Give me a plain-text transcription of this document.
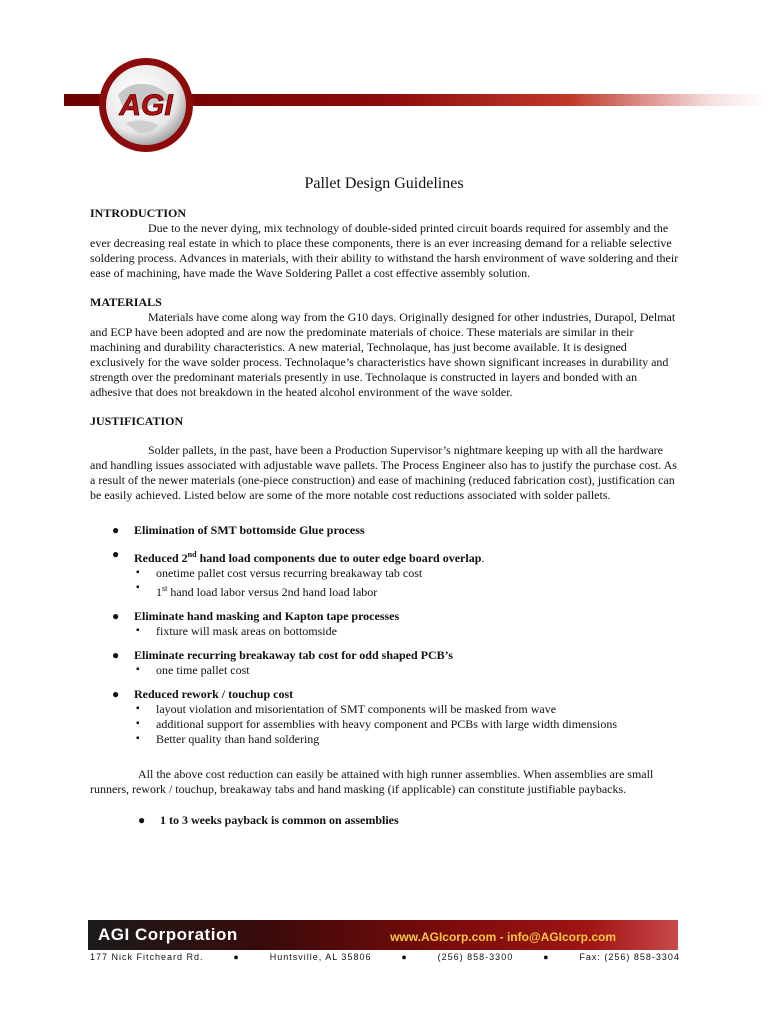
AGI
Pallet Design Guidelines
INTRODUCTION

Due to the never dying, mix technology of double-sided printed circuit boards required for assembly and the ever decreasing real estate in which to place these components, there is an ever increasing demand for a reliable selective soldering process. Advances in materials, with their ability to withstand the harsh environment of wave soldering and their ease of machining, have made the Wave Soldering Pallet a cost effective assembly solution.

MATERIALS

Materials have come along way from the G10 days. Originally designed for other industries, Durapol, Delmat and ECP have been adopted and are now the predominate materials of choice. These materials are similar in their machining and durability characteristics. A new material, Technolaque, has just become available. It is designed exclusively for the wave solder process. Technolaque’s characteristics have shown significant increases in durability and strength over the predominant materials presently in use. Technolaque is constructed in layers and bonded with an adhesive that does not breakdown in the heated alcohol environment of the wave solder.

JUSTIFICATION

Solder pallets, in the past, have been a Production Supervisor’s nightmare keeping up with all the hardware and handling issues associated with adjustable wave pallets. The Process Engineer also has to justify the purchase cost. As a result of the newer materials (one-piece construction) and ease of machining (reduced fabrication cost), justification can be easily achieved. Listed below are some of the more notable cost reductions associated with solder pallets.

● Elimination of SMT bottomside Glue process
● Reduced 2nd hand load components due to outer edge board overlap.
▪ onetime pallet cost versus recurring breakaway tab cost
▪ 1st hand load labor versus 2nd hand load labor
● Eliminate hand masking and Kapton tape processes
▪ fixture will mask areas on bottomside
● Eliminate recurring breakaway tab cost for odd shaped PCB’s
▪ one time pallet cost
● Reduced rework / touchup cost
▪ layout violation and misorientation of SMT components will be masked from wave
▪ additional support for assemblies with heavy component and PCBs with large width dimensions
▪ Better quality than hand soldering

All the above cost reduction can easily be attained with high runner assemblies. When assemblies are small runners, rework / touchup, breakaway tabs and hand masking (if applicable) can constitute justifiable paybacks.

● 1 to 3 weeks payback is common on assemblies
AGI Corporation	www.AGIcorp.com - info@AGIcorp.com
177 Nick Fitcheard Rd.	●	Huntsville, AL 35806	●	(256) 858-3300	●	Fax: (256) 858-3304
